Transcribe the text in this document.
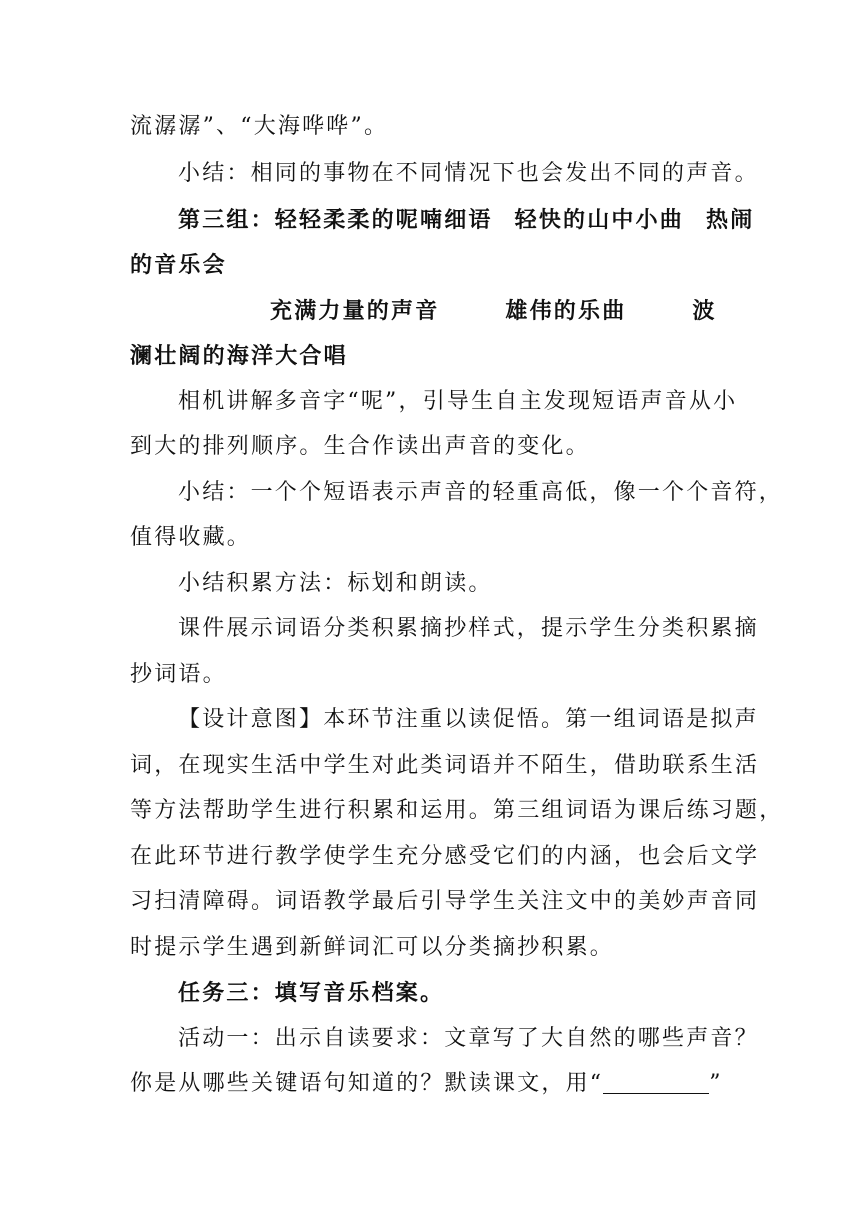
流潺潺”、“大海哗哗”。
小结：相同的事物在不同情况下也会发出不同的声音。
第三组：轻轻柔柔的呢喃细语 轻快的山中小曲 热闹
的音乐会
充满力量的声音	雄伟的乐曲	波
澜壮阔的海洋大合唱
相机讲解多音字“呢”，引导生自主发现短语声音从小
到大的排列顺序。生合作读出声音的变化。
小结：一个个短语表示声音的轻重高低，像一个个音符，
值得收藏。
小结积累方法：标划和朗读。
课件展示词语分类积累摘抄样式，提示学生分类积累摘
抄词语。
【设计意图】本环节注重以读促悟。第一组词语是拟声
词，在现实生活中学生对此类词语并不陌生，借助联系生活
等方法帮助学生进行积累和运用。第三组词语为课后练习题，
在此环节进行教学使学生充分感受它们的内涵，也会后文学
习扫清障碍。词语教学最后引导学生关注文中的美妙声音同
时提示学生遇到新鲜词汇可以分类摘抄积累。
任务三：填写音乐档案。
活动一：出示自读要求：文章写了大自然的哪些声音？
你是从哪些关键语句知道的？默读课文，用“	”
